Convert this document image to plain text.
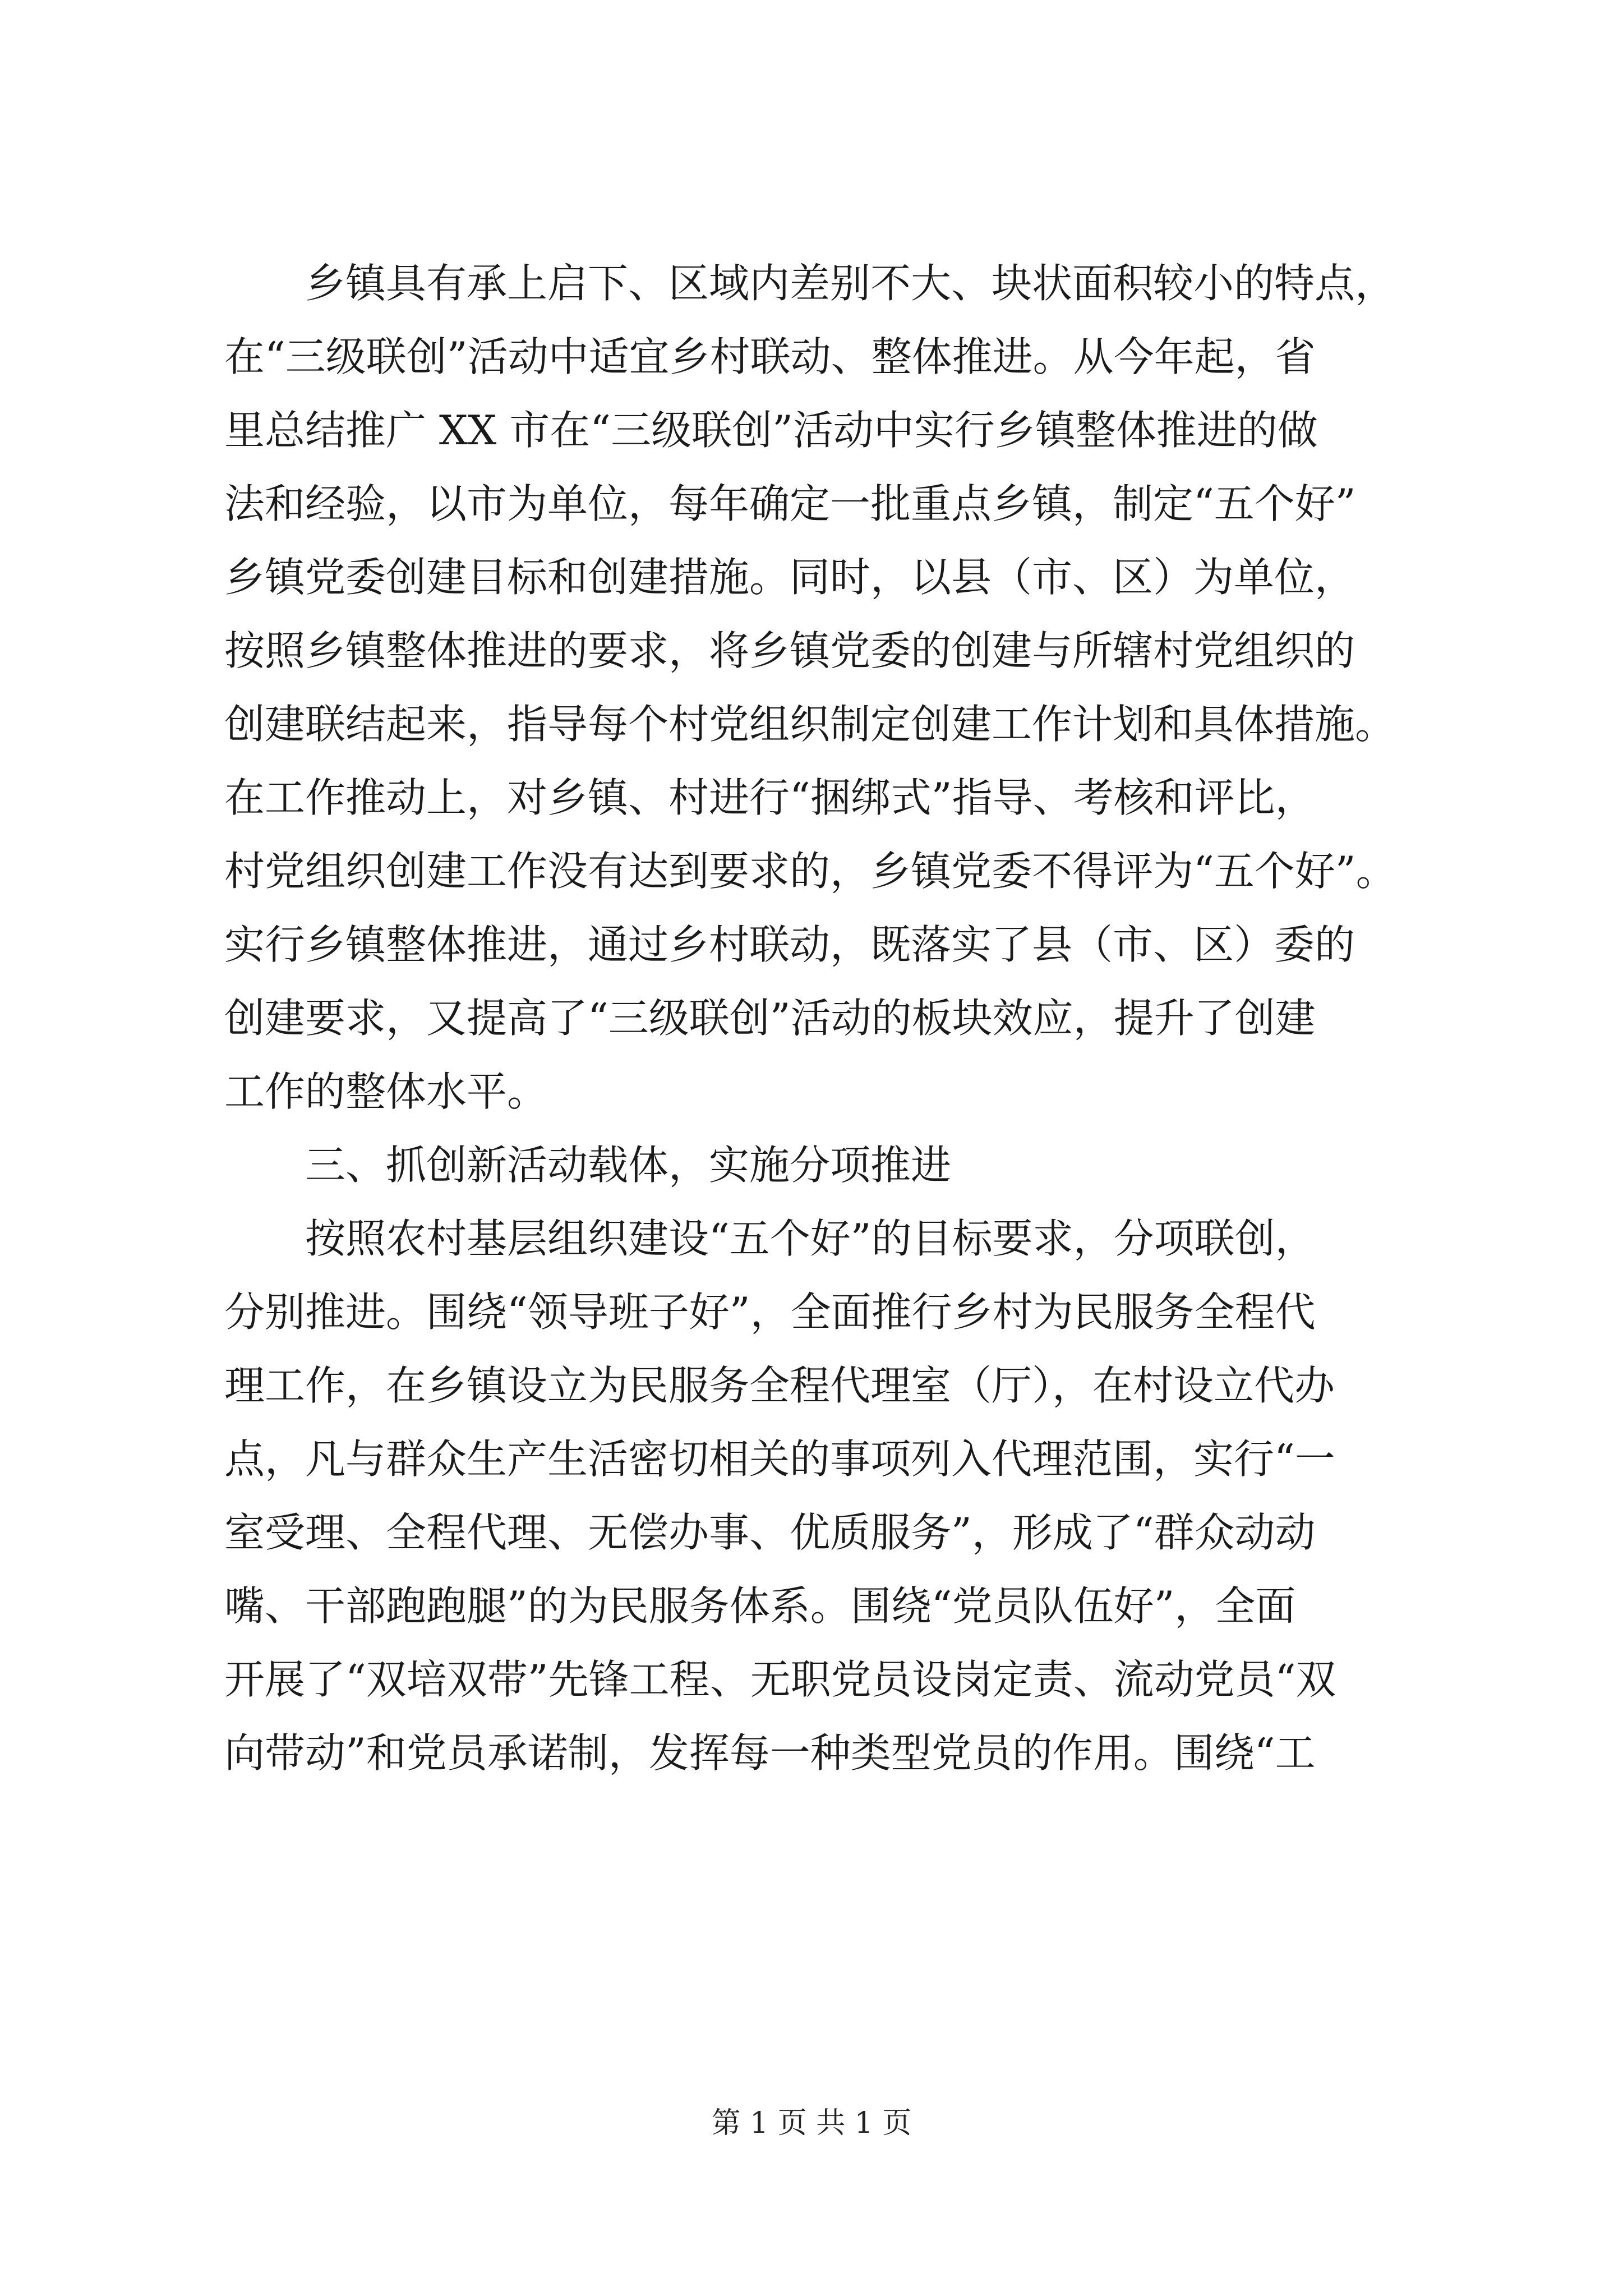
　　乡镇具有承上启下、区域内差别不大、块状面积较小的特点，
在“三级联创”活动中适宜乡村联动、整体推进。从今年起，省
里总结推广 XX 市在“三级联创”活动中实行乡镇整体推进的做
法和经验，以市为单位，每年确定一批重点乡镇，制定“五个好”
乡镇党委创建目标和创建措施。同时，以县（市、区）为单位，
按照乡镇整体推进的要求，将乡镇党委的创建与所辖村党组织的
创建联结起来，指导每个村党组织制定创建工作计划和具体措施。
在工作推动上，对乡镇、村进行“捆绑式”指导、考核和评比，
村党组织创建工作没有达到要求的，乡镇党委不得评为“五个好”。
实行乡镇整体推进，通过乡村联动，既落实了县（市、区）委的
创建要求，又提高了“三级联创”活动的板块效应，提升了创建
工作的整体水平。
　　三、抓创新活动载体，实施分项推进
　　按照农村基层组织建设“五个好”的目标要求，分项联创，
分别推进。围绕“领导班子好”，全面推行乡村为民服务全程代
理工作，在乡镇设立为民服务全程代理室（厅），在村设立代办
点，凡与群众生产生活密切相关的事项列入代理范围，实行“一
室受理、全程代理、无偿办事、优质服务”，形成了“群众动动
嘴、干部跑跑腿”的为民服务体系。围绕“党员队伍好”，全面
开展了“双培双带”先锋工程、无职党员设岗定责、流动党员“双
向带动”和党员承诺制，发挥每一种类型党员的作用。围绕“工
第 1 页 共 1 页
